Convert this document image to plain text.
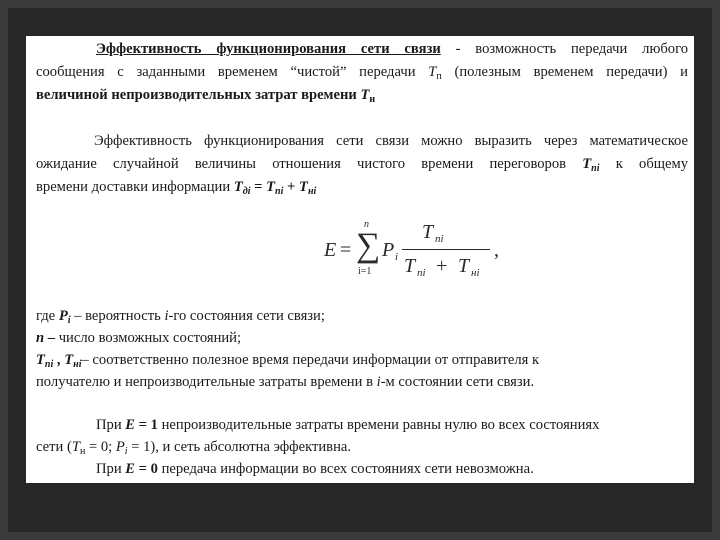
Эффективность функционирования сети связи - возможность передачи любого
сообщения с заданными временем “чистой” передачи $T_п$ (полезным временем передачи) и
величиной непроизводительных затрат времени $T_н$
Эффективность функционирования сети связи можно выразить через математическое
ожидание случайной величины отношения чистого времени переговоров $T_{пi}$ к общему
времени доставки информации $T_{дi} = T_{пi} + T_{нi}$
E =
n
∑
i=1
P i
T пi
T пi + T нi
,
где $P_i$ – вероятность i-го состояния сети связи;
n – число возможных состояний;
$T_{пi}$ , $T_{нi}-$ соответственно полезное время передачи информации от отправителя к
получателю и непроизводительные затраты времени в i-м состоянии сети связи.
При E = 1 непроизводительные затраты времени равны нулю во всех состояниях
сети ($T_н = 0$; $P_i = 1$), и сеть абсолютна эффективна.
При E = 0 передача информации во всех состояниях сети невозможна.
